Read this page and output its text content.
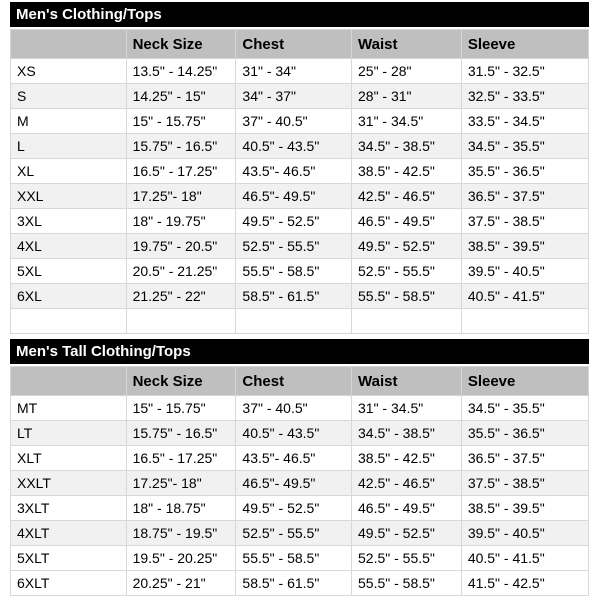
Men's Clothing/Tops
	Neck Size	Chest	Waist	Sleeve
XS	13.5" - 14.25"	31" - 34"	25" - 28"	31.5" - 32.5"
S	14.25" - 15"	34" - 37"	28" - 31"	32.5" - 33.5"
M	15" - 15.75"	37" - 40.5"	31" - 34.5"	33.5" - 34.5"
L	15.75" - 16.5"	40.5" - 43.5"	34.5" - 38.5"	34.5" - 35.5"
XL	16.5" - 17.25"	43.5"- 46.5"	38.5" - 42.5"	35.5" - 36.5"
XXL	17.25"- 18"	46.5"- 49.5"	42.5" - 46.5"	36.5" - 37.5"
3XL	18" - 19.75"	49.5" - 52.5"	46.5" - 49.5"	37.5" - 38.5"
4XL	19.75" - 20.5"	52.5" - 55.5"	49.5" - 52.5"	38.5" - 39.5"
5XL	20.5" - 21.25"	55.5" - 58.5"	52.5" - 55.5"	39.5" - 40.5"
6XL	21.25" - 22"	58.5" - 61.5"	55.5" - 58.5"	40.5" - 41.5"

Men's Tall Clothing/Tops
	Neck Size	Chest	Waist	Sleeve
MT	15" - 15.75"	37" - 40.5"	31" - 34.5"	34.5" - 35.5"
LT	15.75" - 16.5"	40.5" - 43.5"	34.5" - 38.5"	35.5" - 36.5"
XLT	16.5" - 17.25"	43.5"- 46.5"	38.5" - 42.5"	36.5" - 37.5"
XXLT	17.25"- 18"	46.5"- 49.5"	42.5" - 46.5"	37.5" - 38.5"
3XLT	18" - 18.75"	49.5" - 52.5"	46.5" - 49.5"	38.5" - 39.5"
4XLT	18.75" - 19.5"	52.5" - 55.5"	49.5" - 52.5"	39.5" - 40.5"
5XLT	19.5" - 20.25"	55.5" - 58.5"	52.5" - 55.5"	40.5" - 41.5"
6XLT	20.25" - 21"	58.5" - 61.5"	55.5" - 58.5"	41.5" - 42.5"
